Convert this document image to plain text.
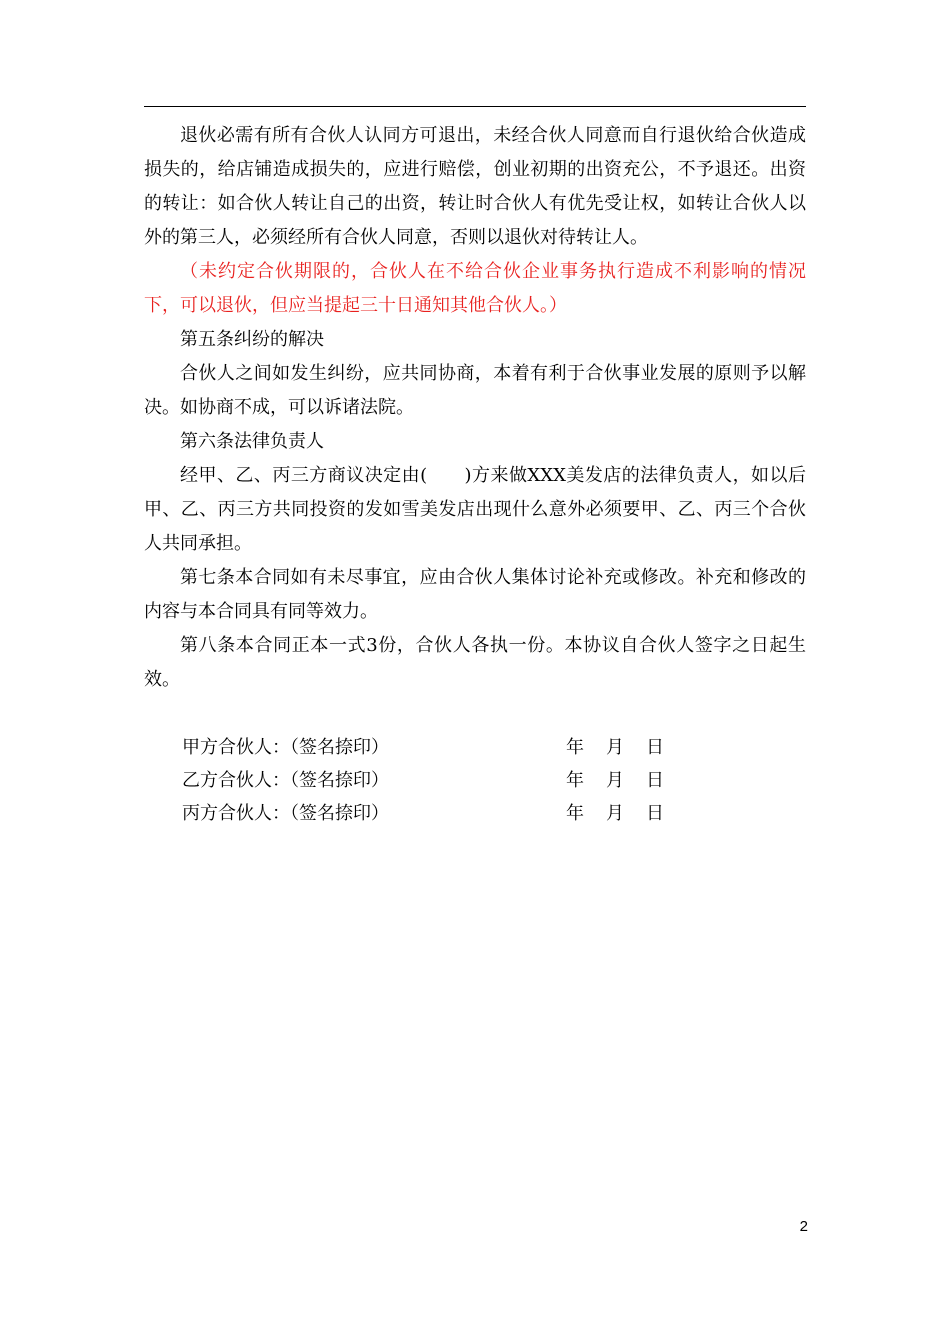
退伙必需有所有合伙人认同方可退出，未经合伙人同意而自行退伙给合伙造成损失的，给店铺造成损失的，应进行赔偿，创业初期的出资充公，不予退还。出资的转让：如合伙人转让自己的出资，转让时合伙人有优先受让权，如转让合伙人以外的第三人，必须经所有合伙人同意，否则以退伙对待转让人。

（未约定合伙期限的，合伙人在不给合伙企业事务执行造成不利影响的情况下，可以退伙，但应当提起三十日通知其他合伙人。）

第五条纠纷的解决

合伙人之间如发生纠纷，应共同协商，本着有利于合伙事业发展的原则予以解决。如协商不成，可以诉诸法院。

第六条法律负责人

经甲、乙、丙三方商议决定由(　　)方来做XXX美发店的法律负责人，如以后甲、乙、丙三方共同投资的发如雪美发店出现什么意外必须要甲、乙、丙三个合伙人共同承担。

第七条本合同如有未尽事宜，应由合伙人集体讨论补充或修改。补充和修改的内容与本合同具有同等效力。

第八条本合同正本一式3份，合伙人各执一份。本协议自合伙人签字之日起生效。

甲方合伙人：（签名捺印）	年 月 日
乙方合伙人：（签名捺印）	年 月 日
丙方合伙人：（签名捺印）	年 月 日
2
